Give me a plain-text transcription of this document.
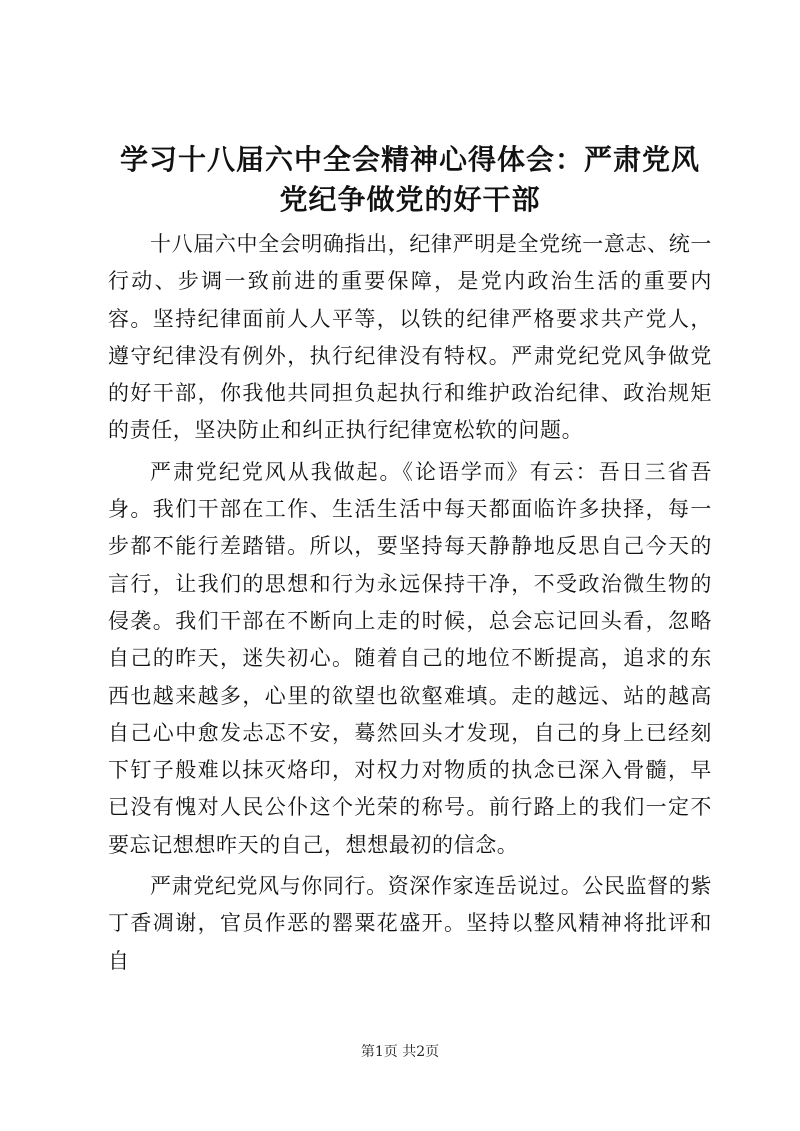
学习十八届六中全会精神心得体会：严肃党风
党纪争做党的好干部

十八届六中全会明确指出，纪律严明是全党统一意志、统一行动、步调一致前进的重要保障，是党内政治生活的重要内容。坚持纪律面前人人平等，以铁的纪律严格要求共产党人，遵守纪律没有例外，执行纪律没有特权。严肃党纪党风争做党的好干部，你我他共同担负起执行和维护政治纪律、政治规矩的责任，坚决防止和纠正执行纪律宽松软的问题。

严肃党纪党风从我做起。《论语学而》有云：吾日三省吾身。我们干部在工作、生活生活中每天都面临许多抉择，每一步都不能行差踏错。所以，要坚持每天静静地反思自己今天的言行，让我们的思想和行为永远保持干净，不受政治微生物的侵袭。我们干部在不断向上走的时候，总会忘记回头看，忽略自己的昨天，迷失初心。随着自己的地位不断提高，追求的东西也越来越多，心里的欲望也欲壑难填。走的越远、站的越高自己心中愈发忐忑不安，蓦然回头才发现，自己的身上已经刻下钉子般难以抹灭烙印，对权力对物质的执念已深入骨髓，早已没有愧对人民公仆这个光荣的称号。前行路上的我们一定不要忘记想想昨天的自己，想想最初的信念。

严肃党纪党风与你同行。资深作家连岳说过。公民监督的紫丁香凋谢，官员作恶的罂粟花盛开。坚持以整风精神将批评和自

第1页 共2页
